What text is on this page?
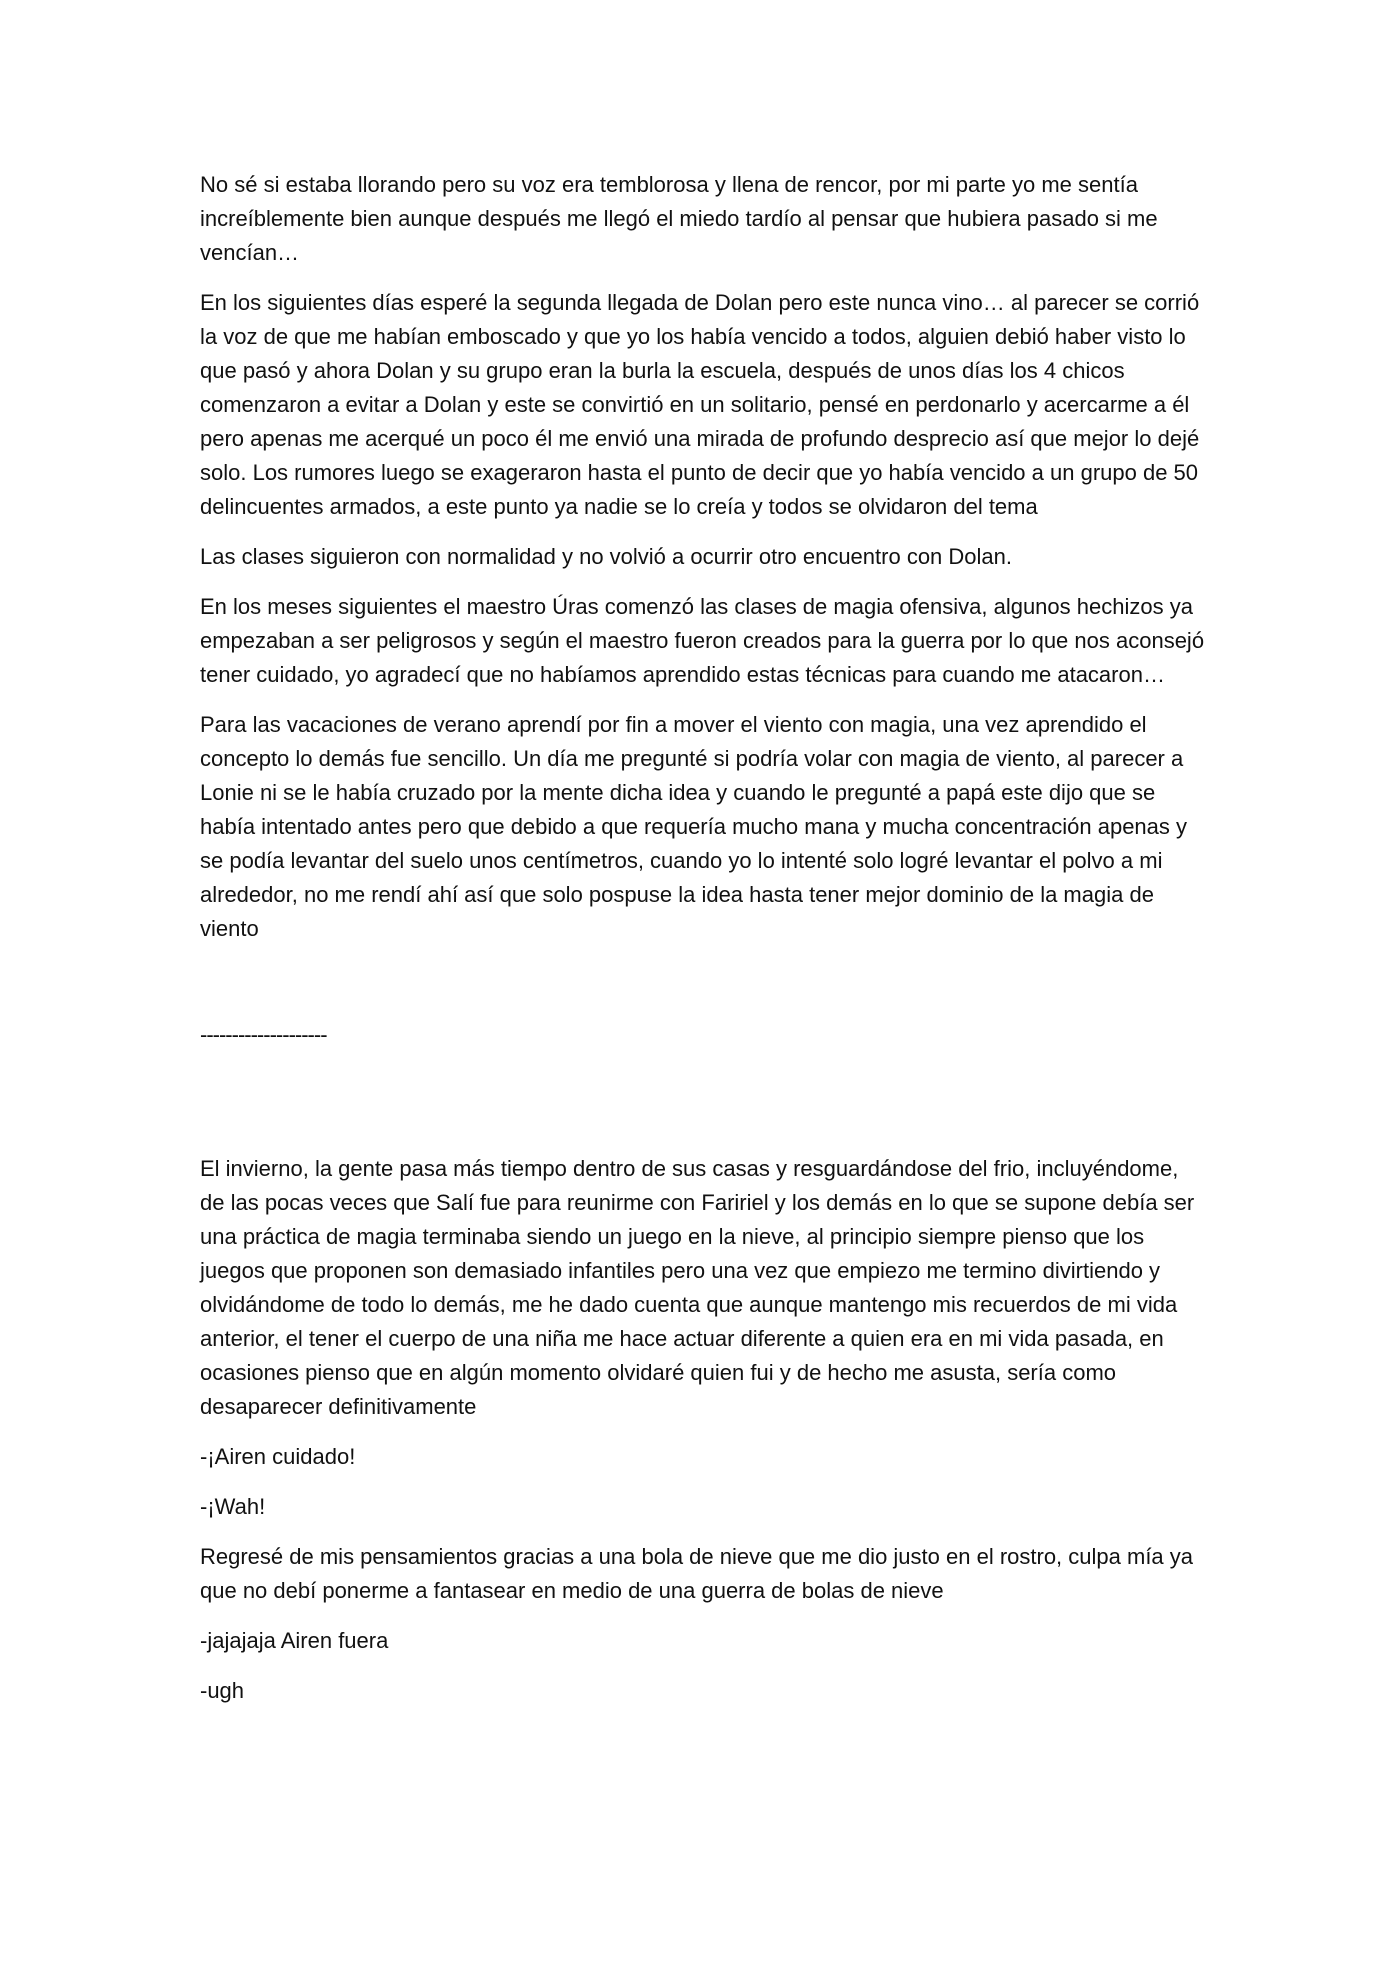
No sé si estaba llorando pero su voz era temblorosa y llena de rencor, por mi parte yo me sentía increíblemente bien aunque después me llegó el miedo tardío al pensar que hubiera pasado si me vencían…

En los siguientes días esperé la segunda llegada de Dolan pero este nunca vino… al parecer se corrió la voz de que me habían emboscado y que yo los había vencido a todos, alguien debió haber visto lo que pasó y ahora Dolan y su grupo eran la burla la escuela, después de unos días los 4 chicos comenzaron a evitar a Dolan y este se convirtió en un solitario, pensé en perdonarlo y acercarme a él pero apenas me acerqué un poco él me envió una mirada de profundo desprecio así que mejor lo dejé solo. Los rumores luego se exageraron hasta el punto de decir que yo había vencido a un grupo de 50 delincuentes armados, a este punto ya nadie se lo creía y todos se olvidaron del tema

Las clases siguieron con normalidad y no volvió a ocurrir otro encuentro con Dolan.

En los meses siguientes el maestro Úras comenzó las clases de magia ofensiva, algunos hechizos ya empezaban a ser peligrosos y según el maestro fueron creados para la guerra por lo que nos aconsejó tener cuidado, yo agradecí que no habíamos aprendido estas técnicas para cuando me atacaron…

Para las vacaciones de verano aprendí por fin a mover el viento con magia, una vez aprendido el concepto lo demás fue sencillo. Un día me pregunté si podría volar con magia de viento, al parecer a Lonie ni se le había cruzado por la mente dicha idea y cuando le pregunté a papá este dijo que se había intentado antes pero que debido a que requería mucho mana y mucha concentración apenas y se podía levantar del suelo unos centímetros, cuando yo lo intenté solo logré levantar el polvo a mi alrededor, no me rendí ahí así que solo pospuse la idea hasta tener mejor dominio de la magia de viento

--------------------

El invierno, la gente pasa más tiempo dentro de sus casas y resguardándose del frio, incluyéndome, de las pocas veces que Salí fue para reunirme con Faririel y los demás en lo que se supone debía ser una práctica de magia terminaba siendo un juego en la nieve, al principio siempre pienso que los juegos que proponen son demasiado infantiles pero una vez que empiezo me termino divirtiendo y olvidándome de todo lo demás, me he dado cuenta que aunque mantengo mis recuerdos de mi vida anterior, el tener el cuerpo de una niña me hace actuar diferente a quien era en mi vida pasada, en ocasiones pienso que en algún momento olvidaré quien fui y de hecho me asusta, sería como desaparecer definitivamente

-¡Airen cuidado!

-¡Wah!

Regresé de mis pensamientos gracias a una bola de nieve que me dio justo en el rostro, culpa mía ya que no debí ponerme a fantasear en medio de una guerra de bolas de nieve

-jajajaja Airen fuera

-ugh
